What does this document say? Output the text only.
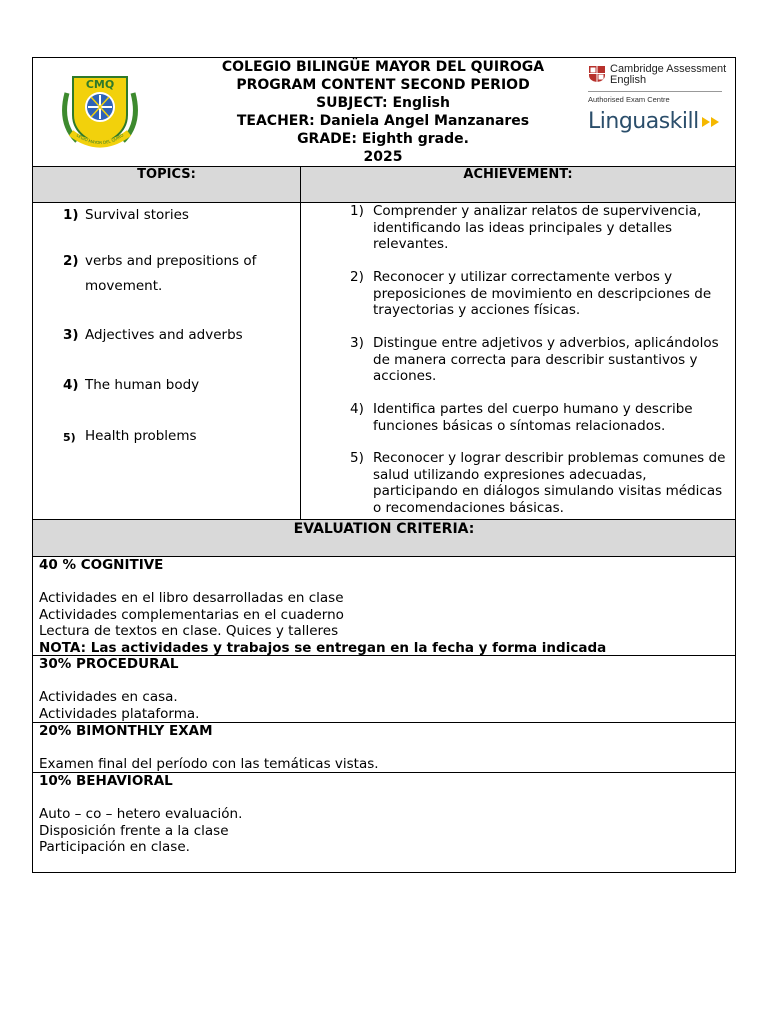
CMQ
LEGIO MAYOR DEL QUIRO
COLEGIO BILINGÜE MAYOR DEL QUIROGA
PROGRAM CONTENT SECOND PERIOD
SUBJECT: English
TEACHER: Daniela Angel Manzanares
GRADE: Eighth grade.
2025
Cambridge Assessment
English
Authorised Exam Centre
Linguaskill
TOPICS:	ACHIEVEMENT:
1) Survival stories
2) verbs and prepositions of movement.
3) Adjectives and adverbs
4) The human body
5) Health problems
1) Comprender y analizar relatos de supervivencia, identificando las ideas principales y detalles relevantes.
2) Reconocer y utilizar correctamente verbos y preposiciones de movimiento en descripciones de trayectorias y acciones físicas.
3) Distingue entre adjetivos y adverbios, aplicándolos de manera correcta para describir sustantivos y acciones.
4) Identifica partes del cuerpo humano y describe funciones básicas o síntomas relacionados.
5) Reconocer y lograr describir problemas comunes de salud utilizando expresiones adecuadas, participando en diálogos simulando visitas médicas o recomendaciones básicas.
EVALUATION CRITERIA:
40 % COGNITIVE
Actividades en el libro desarrolladas en clase
Actividades complementarias en el cuaderno
Lectura de textos en clase. Quices y talleres
NOTA: Las actividades y trabajos se entregan en la fecha y forma indicada
30% PROCEDURAL
Actividades en casa.
Actividades plataforma.
20% BIMONTHLY EXAM
Examen final del período con las temáticas vistas.
10% BEHAVIORAL
Auto – co – hetero evaluación.
Disposición frente a la clase
Participación en clase.
